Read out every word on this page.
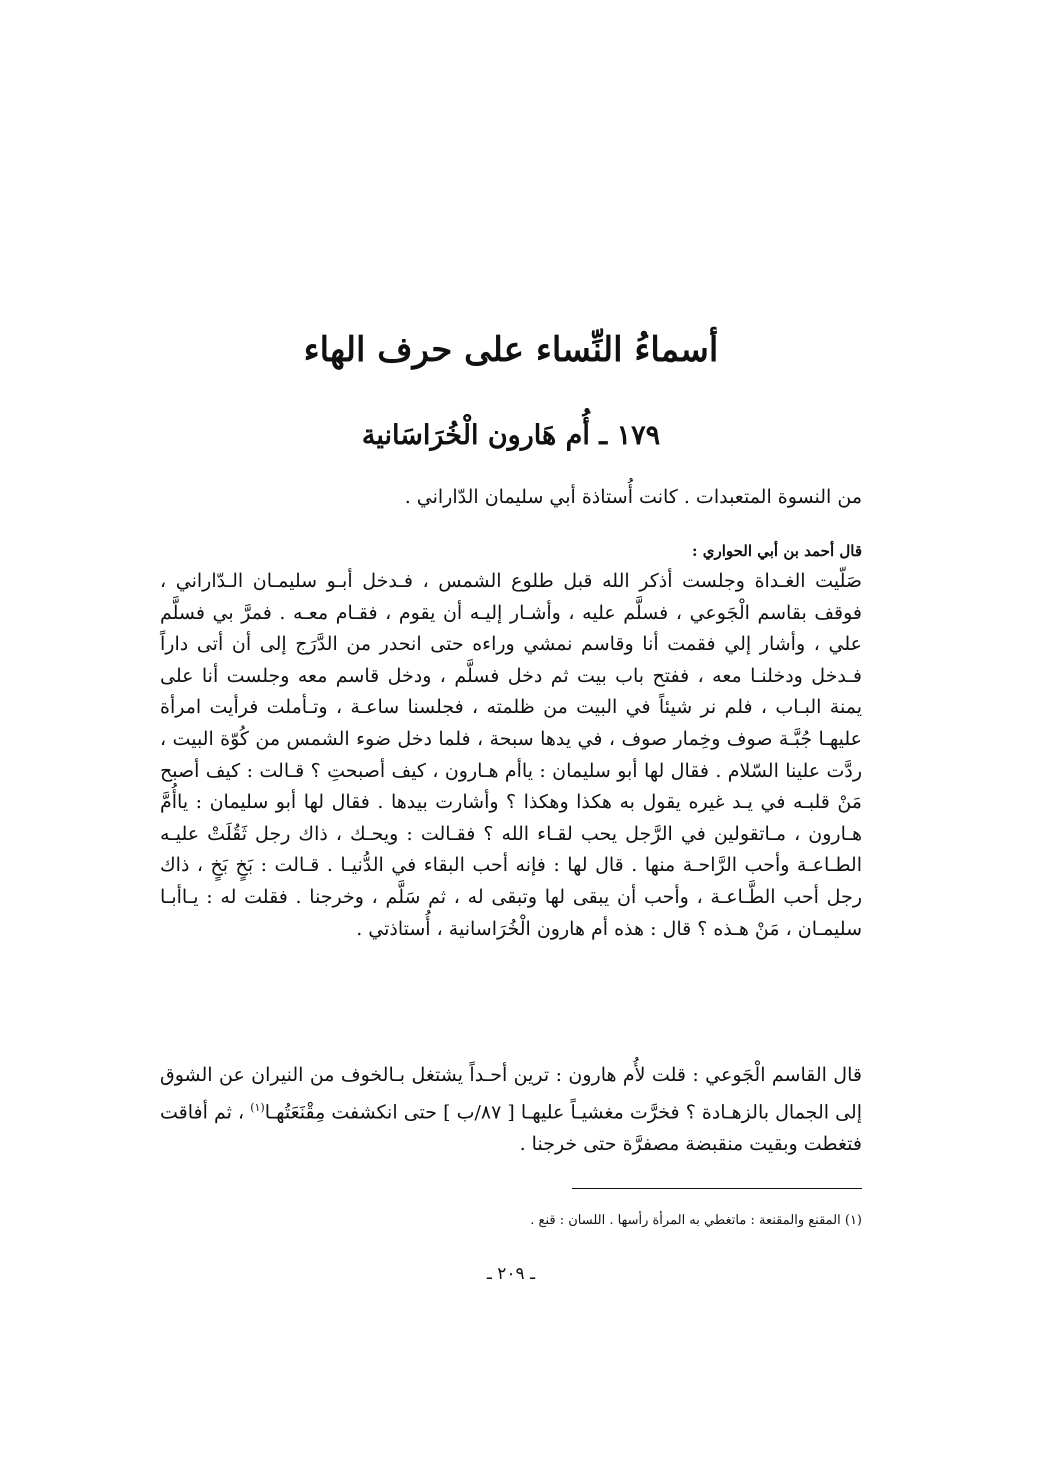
أسماءُ النِّساء على حرف الهاء
١٧٩ ـ أُم هَارون الْخُرَاسَانية

من النسوة المتعبدات . كانت أُستاذة أبي سليمان الدّاراني .

قال أحمد بن أبي الحواري :

صَلّيت الغـداة وجلست أذكر الله قبل طلوع الشمس ، فـدخل أبـو سليمـان الـدّاراني ، فوقف بقاسم الْجَوعي ، فسلَّم عليه ، وأشـار إليـه أن يقوم ، فقـام معـه . فمرَّ بي فسلَّم علي ، وأشار إلي فقمت أنا وقاسم نمشي وراءه حتى انحدر من الدَّرَج إلى أن أتى داراً فـدخل ودخلنـا معه ، ففتح باب بيت ثم دخل فسلَّم ، ودخل قاسم معه وجلست أنا على يمنة البـاب ، فلم نر شيئاً في البيت من ظلمته ، فجلسنا ساعـة ، وتـأملت فرأيت امرأة عليهـا جُبَّـة صوف وخِمار صوف ، في يدها سبحة ، فلما دخل ضوء الشمس من كُوّة البيت ، ردَّت علينا السّلام . فقال لها أبو سليمان : ياأم هـارون ، كيف أصبحتِ ؟ قـالت : كيف أصبح مَنْ قلبـه في يـد غيره يقول به هكذا وهكذا ؟ وأشارت بيدها . فقال لها أبو سليمان : ياأُمَّ هـارون ، مـاتقولين في الرَّجل يحب لقـاء الله ؟ فقـالت : ويحـك ، ذاك رجل ثَقُلَتْ عليـه الطـاعـة وأحب الرَّاحـة منها . قال لها : فإنه أحب البقاء في الدُّنيـا . قـالت : بَخٍ بَخٍ ، ذاك رجل أحب الطَّـاعـة ، وأحب أن يبقى لها وتبقى له ، ثم سَلَّم ، وخرجنا . فقلت له : يـاأبـا سليمـان ، مَنْ هـذه ؟ قال : هذه أم هارون الْخُرَاسانية ، أُستاذتي .

قال القاسم الْجَوعي : قلت لأُم هارون : ترين أحـداً يشتغل بـالخوف من النيران عن الشوق إلى الجمال بالزهـادة ؟ فخرَّت مغشيـاً عليهـا [ ٨٧/ب ] حتى انكشفت مِقْنَعَتُهـا$^{(١)}$ ، ثم أفاقت فتغطت وبقيت منقبضة مصفرَّة حتى خرجنا .

(١) المقنع والمقنعة : ماتغطي به المرأة رأسها . اللسان : قنع .

ـ ٢٠٩ ـ
